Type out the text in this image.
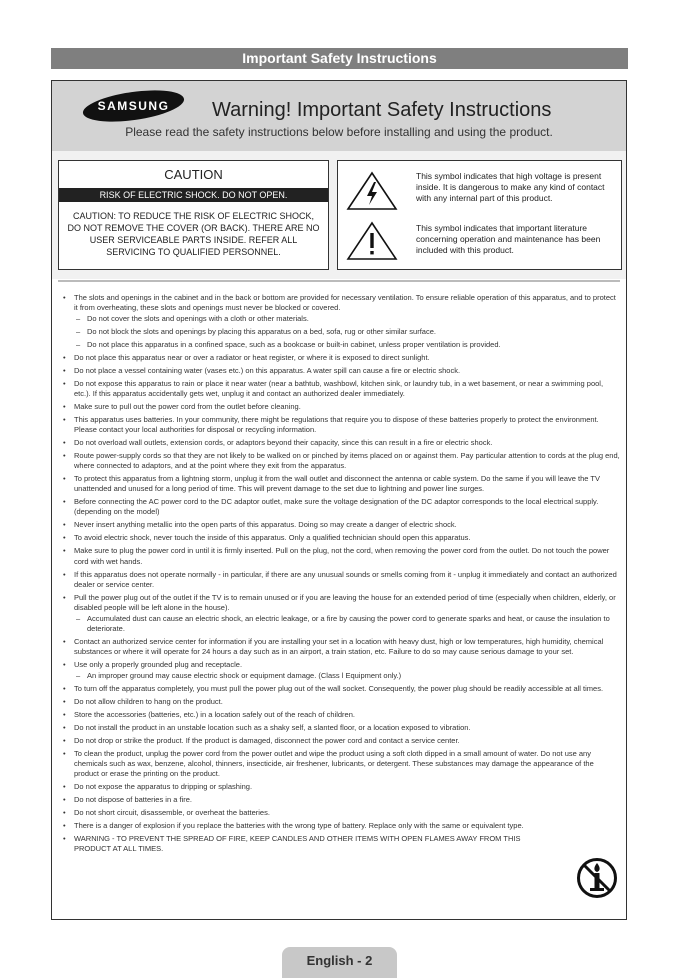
Important Safety Instructions
SAMSUNG Warning! Important Safety Instructions
Please read the safety instructions below before installing and using the product.
CAUTION
RISK OF ELECTRIC SHOCK. DO NOT OPEN.
CAUTION: TO REDUCE THE RISK OF ELECTRIC SHOCK, DO NOT REMOVE THE COVER (OR BACK). THERE ARE NO USER SERVICEABLE PARTS INSIDE. REFER ALL SERVICING TO QUALIFIED PERSONNEL.
This symbol indicates that high voltage is present inside. It is dangerous to make any kind of contact with any internal part of this product.
This symbol indicates that important literature concerning operation and maintenance has been included with this product.
• The slots and openings in the cabinet and in the back or bottom are provided for necessary ventilation. To ensure reliable operation of this apparatus, and to protect it from overheating, these slots and openings must never be blocked or covered.
– Do not cover the slots and openings with a cloth or other materials.
– Do not block the slots and openings by placing this apparatus on a bed, sofa, rug or other similar surface.
– Do not place this apparatus in a confined space, such as a bookcase or built-in cabinet, unless proper ventilation is provided.
• Do not place this apparatus near or over a radiator or heat register, or where it is exposed to direct sunlight.
• Do not place a vessel containing water (vases etc.) on this apparatus. A water spill can cause a fire or electric shock.
• Do not expose this apparatus to rain or place it near water (near a bathtub, washbowl, kitchen sink, or laundry tub, in a wet basement, or near a swimming pool, etc.). If this apparatus accidentally gets wet, unplug it and contact an authorized dealer immediately.
• Make sure to pull out the power cord from the outlet before cleaning.
• This apparatus uses batteries. In your community, there might be regulations that require you to dispose of these batteries properly to protect the environment. Please contact your local authorities for disposal or recycling information.
• Do not overload wall outlets, extension cords, or adaptors beyond their capacity, since this can result in a fire or electric shock.
• Route power-supply cords so that they are not likely to be walked on or pinched by items placed on or against them. Pay particular attention to cords at the plug end, where connected to adaptors, and at the point where they exit from the apparatus.
• To protect this apparatus from a lightning storm, unplug it from the wall outlet and disconnect the antenna or cable system. Do the same if you will leave the TV unattended and unused for a long period of time. This will prevent damage to the set due to lightning and power line surges.
• Before connecting the AC power cord to the DC adaptor outlet, make sure the voltage designation of the DC adaptor corresponds to the local electrical supply. (depending on the model)
• Never insert anything metallic into the open parts of this apparatus. Doing so may create a danger of electric shock.
• To avoid electric shock, never touch the inside of this apparatus. Only a qualified technician should open this apparatus.
• Make sure to plug the power cord in until it is firmly inserted. Pull on the plug, not the cord, when removing the power cord from the outlet. Do not touch the power cord with wet hands.
• If this apparatus does not operate normally - in particular, if there are any unusual sounds or smells coming from it - unplug it immediately and contact an authorized dealer or service center.
• Pull the power plug out of the outlet if the TV is to remain unused or if you are leaving the house for an extended period of time (especially when children, elderly, or disabled people will be left alone in the house).
– Accumulated dust can cause an electric shock, an electric leakage, or a fire by causing the power cord to generate sparks and heat, or cause the insulation to deteriorate.
• Contact an authorized service center for information if you are installing your set in a location with heavy dust, high or low temperatures, high humidity, chemical substances or where it will operate for 24 hours a day such as in an airport, a train station, etc. Failure to do so may cause serious damage to your set.
• Use only a properly grounded plug and receptacle.
– An improper ground may cause electric shock or equipment damage. (Class l Equipment only.)
• To turn off the apparatus completely, you must pull the power plug out of the wall socket. Consequently, the power plug should be readily accessible at all times.
• Do not allow children to hang on the product.
• Store the accessories (batteries, etc.) in a location safely out of the reach of children.
• Do not install the product in an unstable location such as a shaky self, a slanted floor, or a location exposed to vibration.
• Do not drop or strike the product. If the product is damaged, disconnect the power cord and contact a service center.
• To clean the product, unplug the power cord from the power outlet and wipe the product using a soft cloth dipped in a small amount of water. Do not use any chemicals such as wax, benzene, alcohol, thinners, insecticide, air freshener, lubricants, or detergent. These substances may damage the appearance of the product or erase the printing on the product.
• Do not expose the apparatus to dripping or splashing.
• Do not dispose of batteries in a fire.
• Do not short circuit, disassemble, or overheat the batteries.
• There is a danger of explosion if you replace the batteries with the wrong type of battery. Replace only with the same or equivalent type.
• WARNING - TO PREVENT THE SPREAD OF FIRE, KEEP CANDLES AND OTHER ITEMS WITH OPEN FLAMES AWAY FROM THIS PRODUCT AT ALL TIMES.
English - 2
